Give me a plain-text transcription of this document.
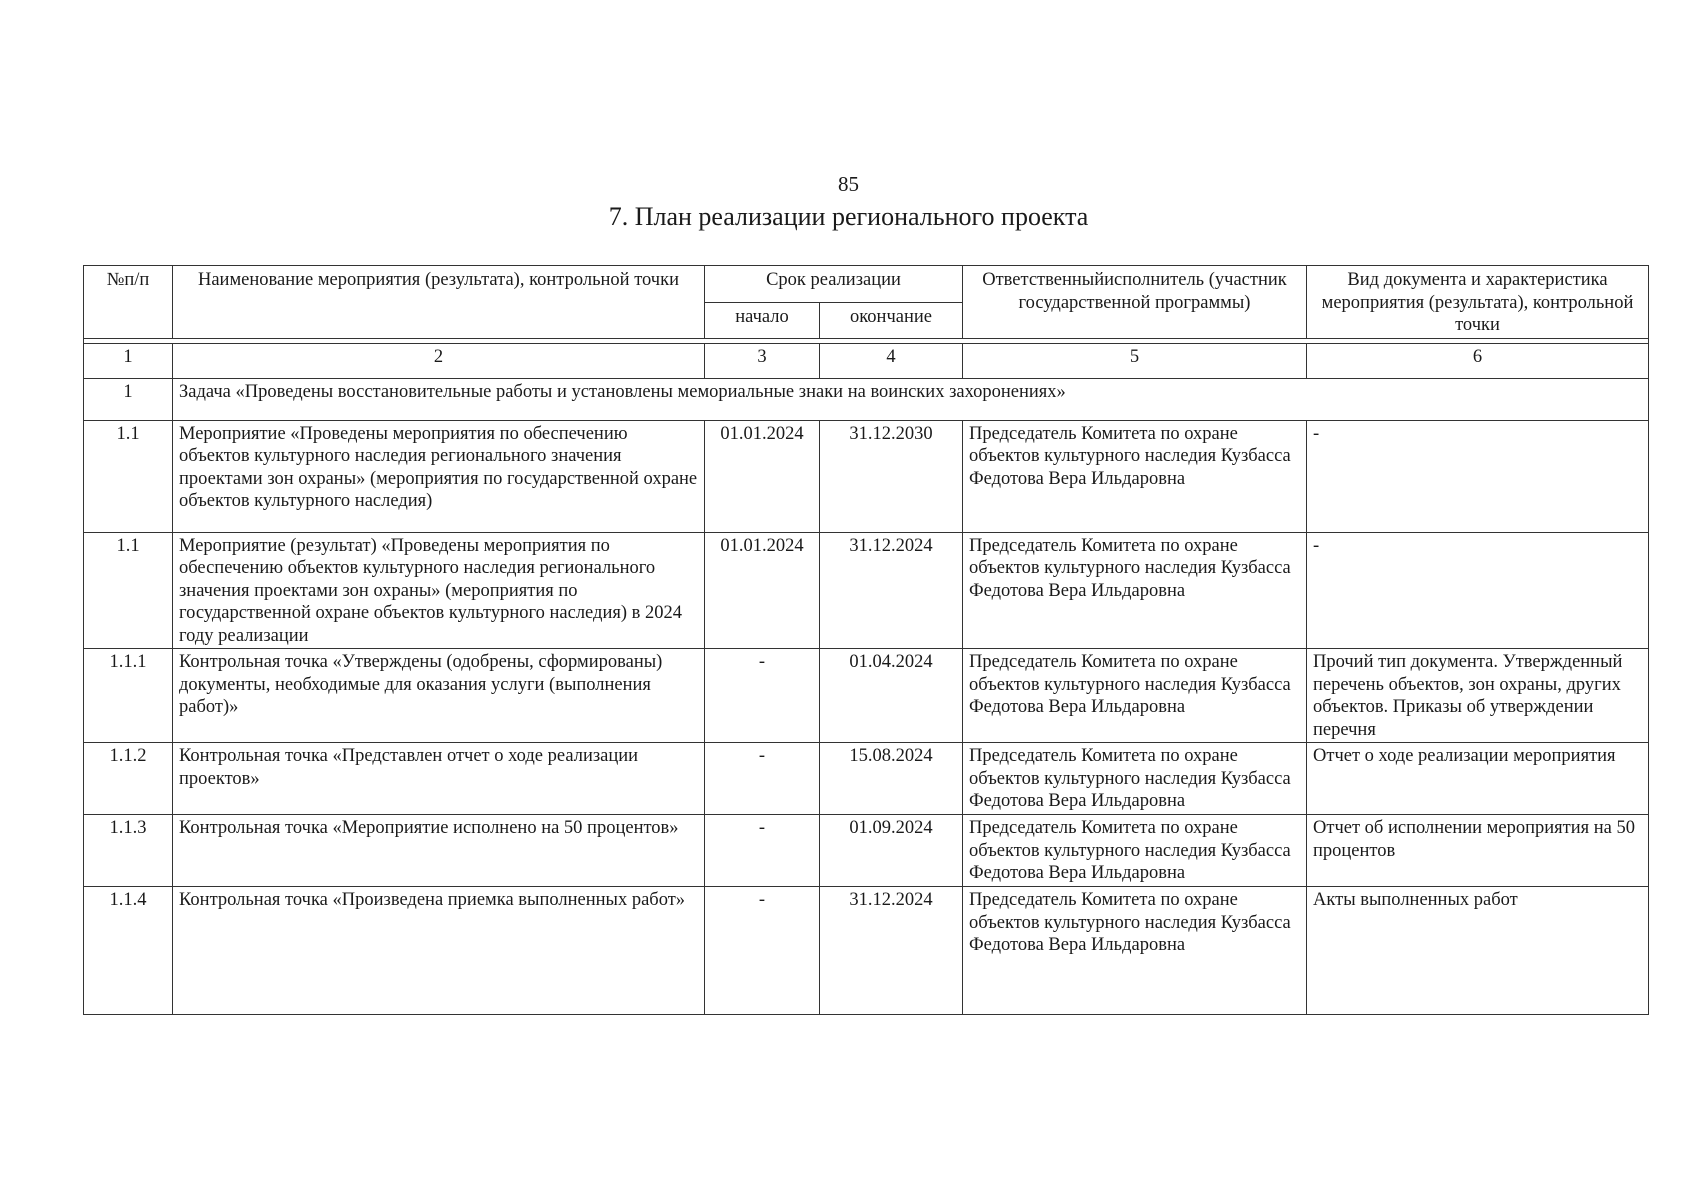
85
7. План реализации регионального проекта
№п/п	Наименование мероприятия (результата), контрольной точки	Срок реализации		Ответственныйисполнитель (участник государственной программы)	Вид документа и характеристика мероприятия (результата), контрольной точки
		начало	окончание		

1	2	3	4	5	6
1	Задача «Проведены восстановительные работы и установлены мемориальные знаки на воинских захоронениях»				
1.1	Мероприятие «Проведены мероприятия по обеспечению объектов культурного наследия регионального значения проектами зон охраны» (мероприятия по государственной охране объектов культурного наследия)	01.01.2024	31.12.2030	Председатель Комитета по охране объектов культурного наследия Кузбасса Федотова Вера Ильдаровна	-
1.1	Мероприятие (результат) «Проведены мероприятия по обеспечению объектов культурного наследия регионального значения проектами зон охраны» (мероприятия по государственной охране объектов культурного наследия) в 2024 году реализации	01.01.2024	31.12.2024	Председатель Комитета по охране объектов культурного наследия Кузбасса Федотова Вера Ильдаровна	-
1.1.1	Контрольная точка «Утверждены (одобрены, сформированы) документы, необходимые для оказания услуги (выполнения работ)»	-	01.04.2024	Председатель Комитета по охране объектов культурного наследия Кузбасса Федотова Вера Ильдаровна	Прочий тип документа. Утвержденный перечень объектов, зон охраны, других объектов. Приказы об утверждении перечня
1.1.2	Контрольная точка «Представлен отчет о ходе реализации проектов»	-	15.08.2024	Председатель Комитета по охране объектов культурного наследия Кузбасса Федотова Вера Ильдаровна	Отчет о ходе реализации мероприятия
1.1.3	Контрольная точка «Мероприятие исполнено на 50 процентов»	-	01.09.2024	Председатель Комитета по охране объектов культурного наследия Кузбасса Федотова Вера Ильдаровна	Отчет об исполнении мероприятия на 50 процентов
1.1.4	Контрольная точка «Произведена приемка выполненных работ»	-	31.12.2024	Председатель Комитета по охране объектов культурного наследия Кузбасса Федотова Вера Ильдаровна	Акты выполненных работ
